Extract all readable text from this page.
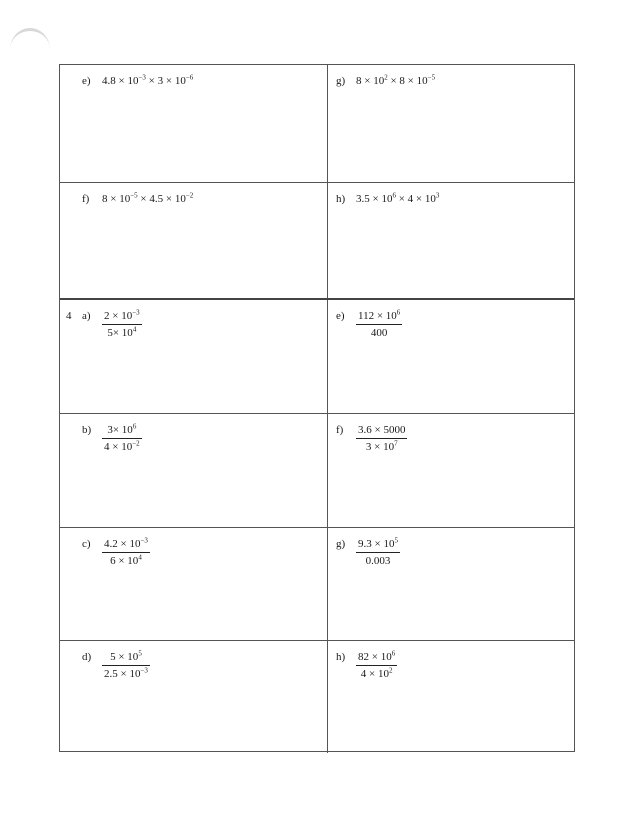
e) $4.8 \times 10^{-3} \times 3 \times 10^{-6}$	g) $8 \times 10^2 \times 8 \times 10^{-5}$
f) $8 \times 10^{-5} \times 4.5 \times 10^{-2}$	h) $3.5 \times 10^6 \times 4 \times 10^3$
4 $a) \frac{2 \times 10^{-3}}{5\times 10^4}$	$e) \frac{112 \times 10^6}{400}$
$b) \frac{3\times 10^6}{4 \times 10^{-2}}$	$f) \frac{3.6 \times 5000}{3 \times 10^7}$
$c) \frac{4.2 \times 10^{-3}}{6 \times 10^4}$	$g) \frac{9.3 \times 10^5}{0.003}$
$d) \frac{5 \times 10^5}{2.5 \times 10^{-3}}$	$h) \frac{82 \times 10^6}{4 \times 10^2}$
